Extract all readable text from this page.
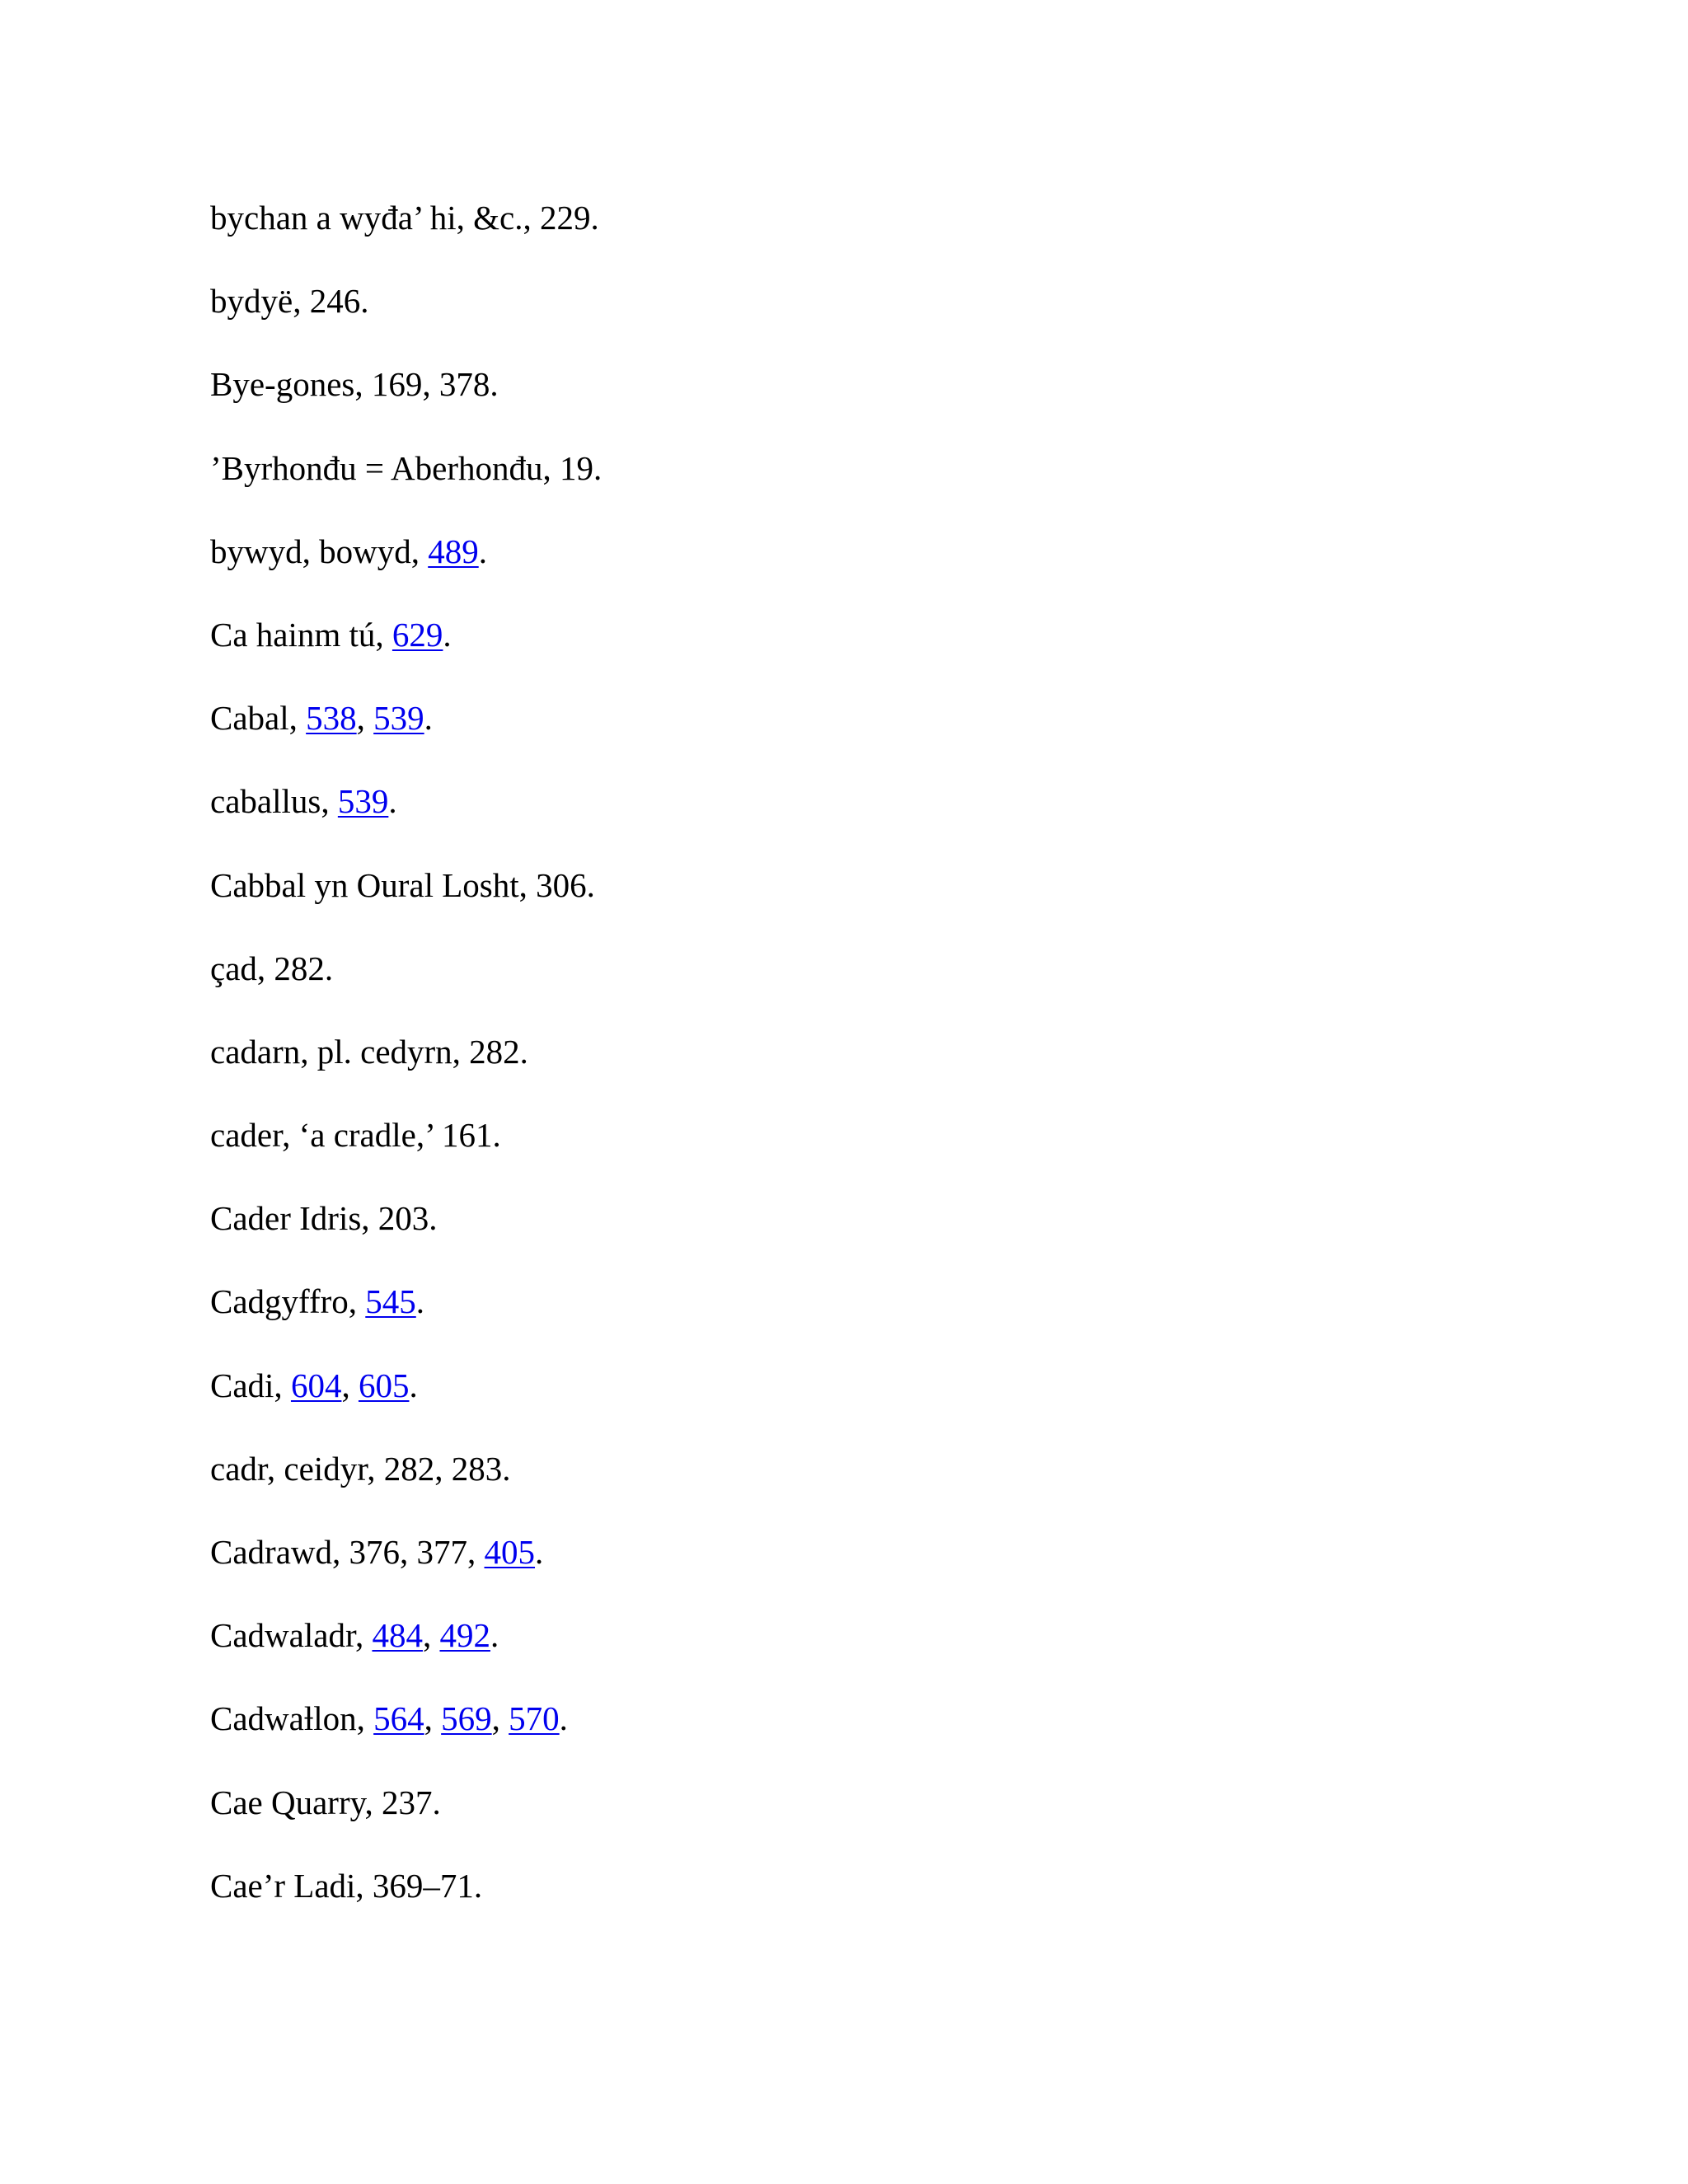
bychan a wyđa’ hi, &c., 229.
bydyë, 246.
Bye-gones, 169, 378.
’Byrhonđu = Aberhonđu, 19.
bywyd, bowyd, 489.
Ca hainm tú, 629.
Cabal, 538, 539.
caballus, 539.
Cabbal yn Oural Losht, 306.
çad, 282.
cadarn, pl. cedyrn, 282.
cader, ‘a cradle,’ 161.
Cader Idris, 203.
Cadgyffro, 545.
Cadi, 604, 605.
cadr, ceidyr, 282, 283.
Cadrawd, 376, 377, 405.
Cadwaladr, 484, 492.
Cadwaƚlon, 564, 569, 570.
Cae Quarry, 237.
Cae’r Ladi, 369–71.
